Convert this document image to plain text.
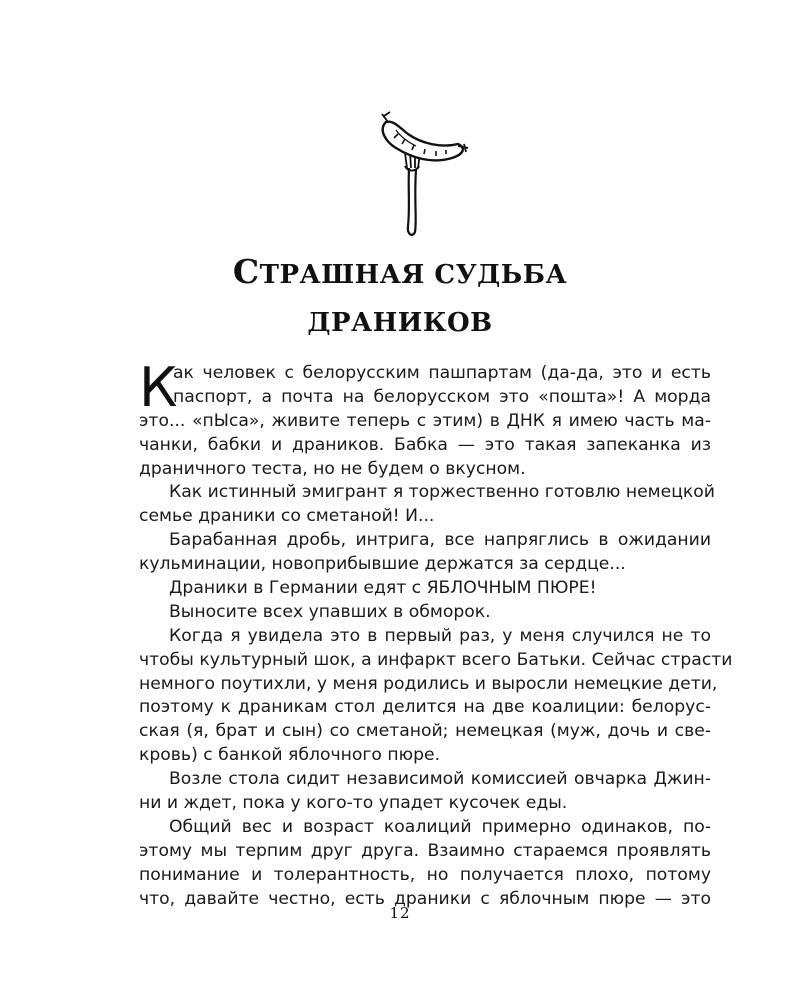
СТРАШНАЯ СУДЬБА
ДРАНИКОВ
К
ак человек с белорусским пашпартам (да-да, это и есть
паспорт, а почта на белорусском это «пошта»! А морда
это... «пЫса», живите теперь с этим) в ДНК я имею часть ма-
чанки, бабки и драников. Бабка — это такая запеканка из
драничного теста, но не будем о вкусном.
Как истинный эмигрант я торжественно готовлю немецкой
семье драники со сметаной! И...
Барабанная дробь, интрига, все напряглись в ожидании
кульминации, новоприбывшие держатся за сердце...
Драники в Германии едят с ЯБЛОЧНЫМ ПЮРЕ!
Выносите всех упавших в обморок.
Когда я увидела это в первый раз, у меня случился не то
чтобы культурный шок, а инфаркт всего Батьки. Сейчас страсти
немного поутихли, у меня родились и выросли немецкие дети,
поэтому к драникам стол делится на две коалиции: белорус-
ская (я, брат и сын) со сметаной; немецкая (муж, дочь и све-
кровь) с банкой яблочного пюре.
Возле стола сидит независимой комиссией овчарка Джин-
ни и ждет, пока у кого-то упадет кусочек еды.
Общий вес и возраст коалиций примерно одинаков, по-
этому мы терпим друг друга. Взаимно стараемся проявлять
понимание и толерантность, но получается плохо, потому
что, давайте честно, есть драники с яблочным пюре — это
12
